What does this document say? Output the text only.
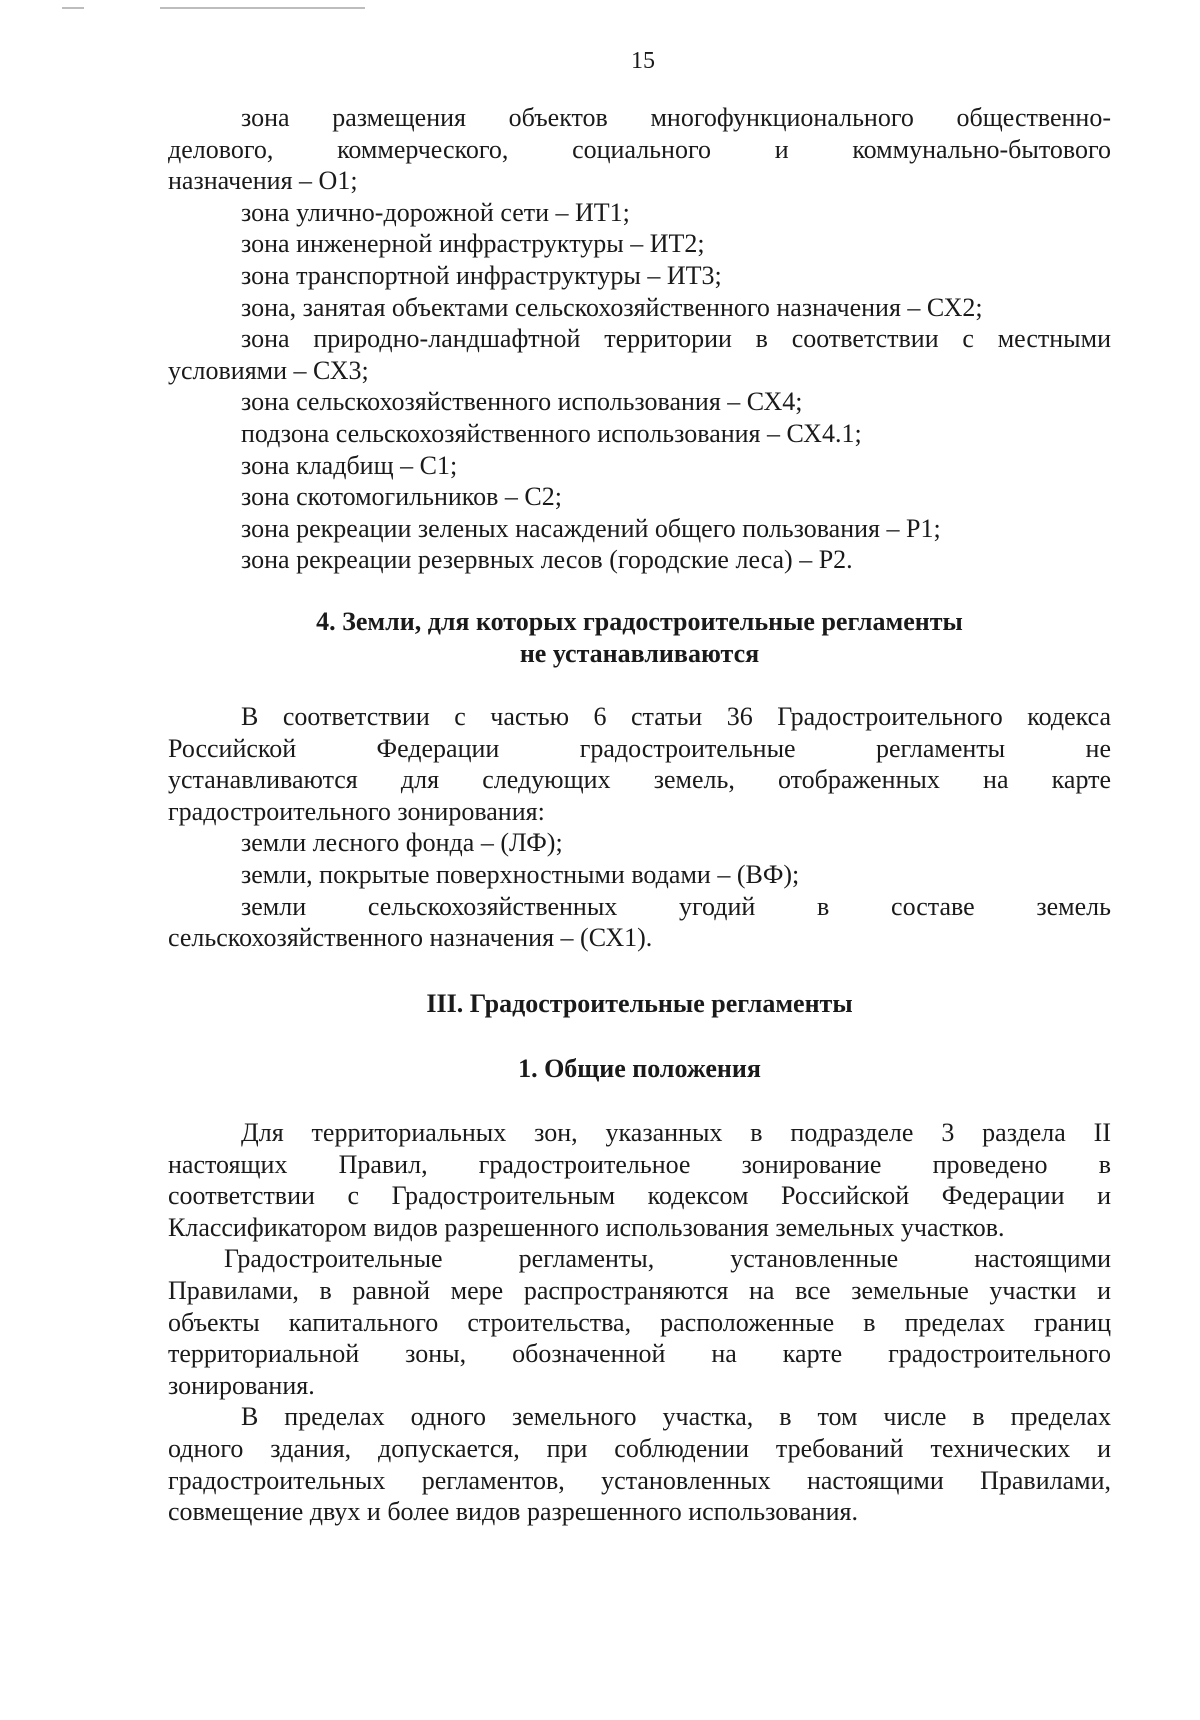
15
зона размещения объектов многофункционального общественно-
делового, коммерческого, социального и коммунально-бытового
назначения – О1;
зона улично-дорожной сети – ИТ1;
зона инженерной инфраструктуры – ИТ2;
зона транспортной инфраструктуры – ИТ3;
зона, занятая объектами сельскохозяйственного назначения – СХ2;
зона природно-ландшафтной территории в соответствии с местными
условиями – СХ3;
зона сельскохозяйственного использования – СХ4;
подзона сельскохозяйственного использования – СХ4.1;
зона кладбищ – С1;
зона скотомогильников – С2;
зона рекреации зеленых насаждений общего пользования – Р1;
зона рекреации резервных лесов (городские леса) – Р2.
4. Земли, для которых градостроительные регламенты
не устанавливаются
В соответствии с частью 6 статьи 36 Градостроительного кодекса
Российской Федерации градостроительные регламенты не
устанавливаются для следующих земель, отображенных на карте
градостроительного зонирования:
земли лесного фонда – (ЛФ);
земли, покрытые поверхностными водами – (ВФ);
земли сельскохозяйственных угодий в составе земель
сельскохозяйственного назначения – (СХ1).
III. Градостроительные регламенты
1. Общие положения
Для территориальных зон, указанных в подразделе 3 раздела II
настоящих Правил, градостроительное зонирование проведено в
соответствии с Градостроительным кодексом Российской Федерации и
Классификатором видов разрешенного использования земельных участков.
Градостроительные регламенты, установленные настоящими
Правилами, в равной мере распространяются на все земельные участки и
объекты капитального строительства, расположенные в пределах границ
территориальной зоны, обозначенной на карте градостроительного
зонирования.
В пределах одного земельного участка, в том числе в пределах
одного здания, допускается, при соблюдении требований технических и
градостроительных регламентов, установленных настоящими Правилами,
совмещение двух и более видов разрешенного использования.
